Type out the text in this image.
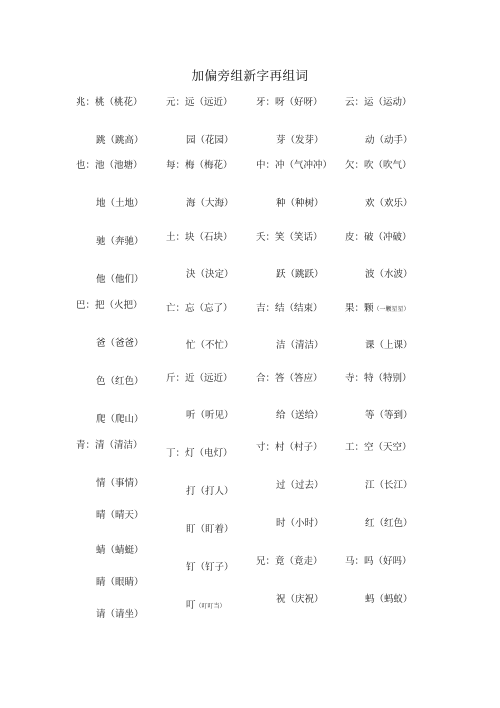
加偏旁组新字再组词
兆：桃（桃花）
跳（跳高）
也：池（池塘）
地（土地）
驰（奔驰）
他（他们）
巴：把（火把）
爸（爸爸）
色（红色）
爬（爬山）
青：清（清洁）
情（事情）
晴（晴天）
蜻（蜻蜓）
睛（眼睛）
请（请坐）
元：远（远近）
园（花园）
每：梅（梅花）
海（大海）
土：块（石块）
決（決定）
亡：忘（忘了）
忙（不忙）
斤：近（远近）
听（听见）
丁：灯（电灯）
打（打人）
盯（盯着）
钉（钉子）
叮（叮叮当）
牙：呀（好呀）
芽（发芽）
中：冲（气冲冲）
种（种树）
夭：笑（笑话）
跃（跳跃）
吉：结（结束）
洁（清洁）
合：答（答应）
给（送给）
寸：村（村子）
过（过去）
时（小时）
兄：竟（竟走）
祝（庆祝）
云：运（运动）
动（动手）
欠：吹（吹气）
欢（欢乐）
皮：破（冲破）
波（水波）
果：颗（一颗星星）
课（上课）
寺：特（特别）
等（等到）
工：空（天空）
江（长江）
红（红色）
马：吗（好吗）
蚂（蚂蚁）
